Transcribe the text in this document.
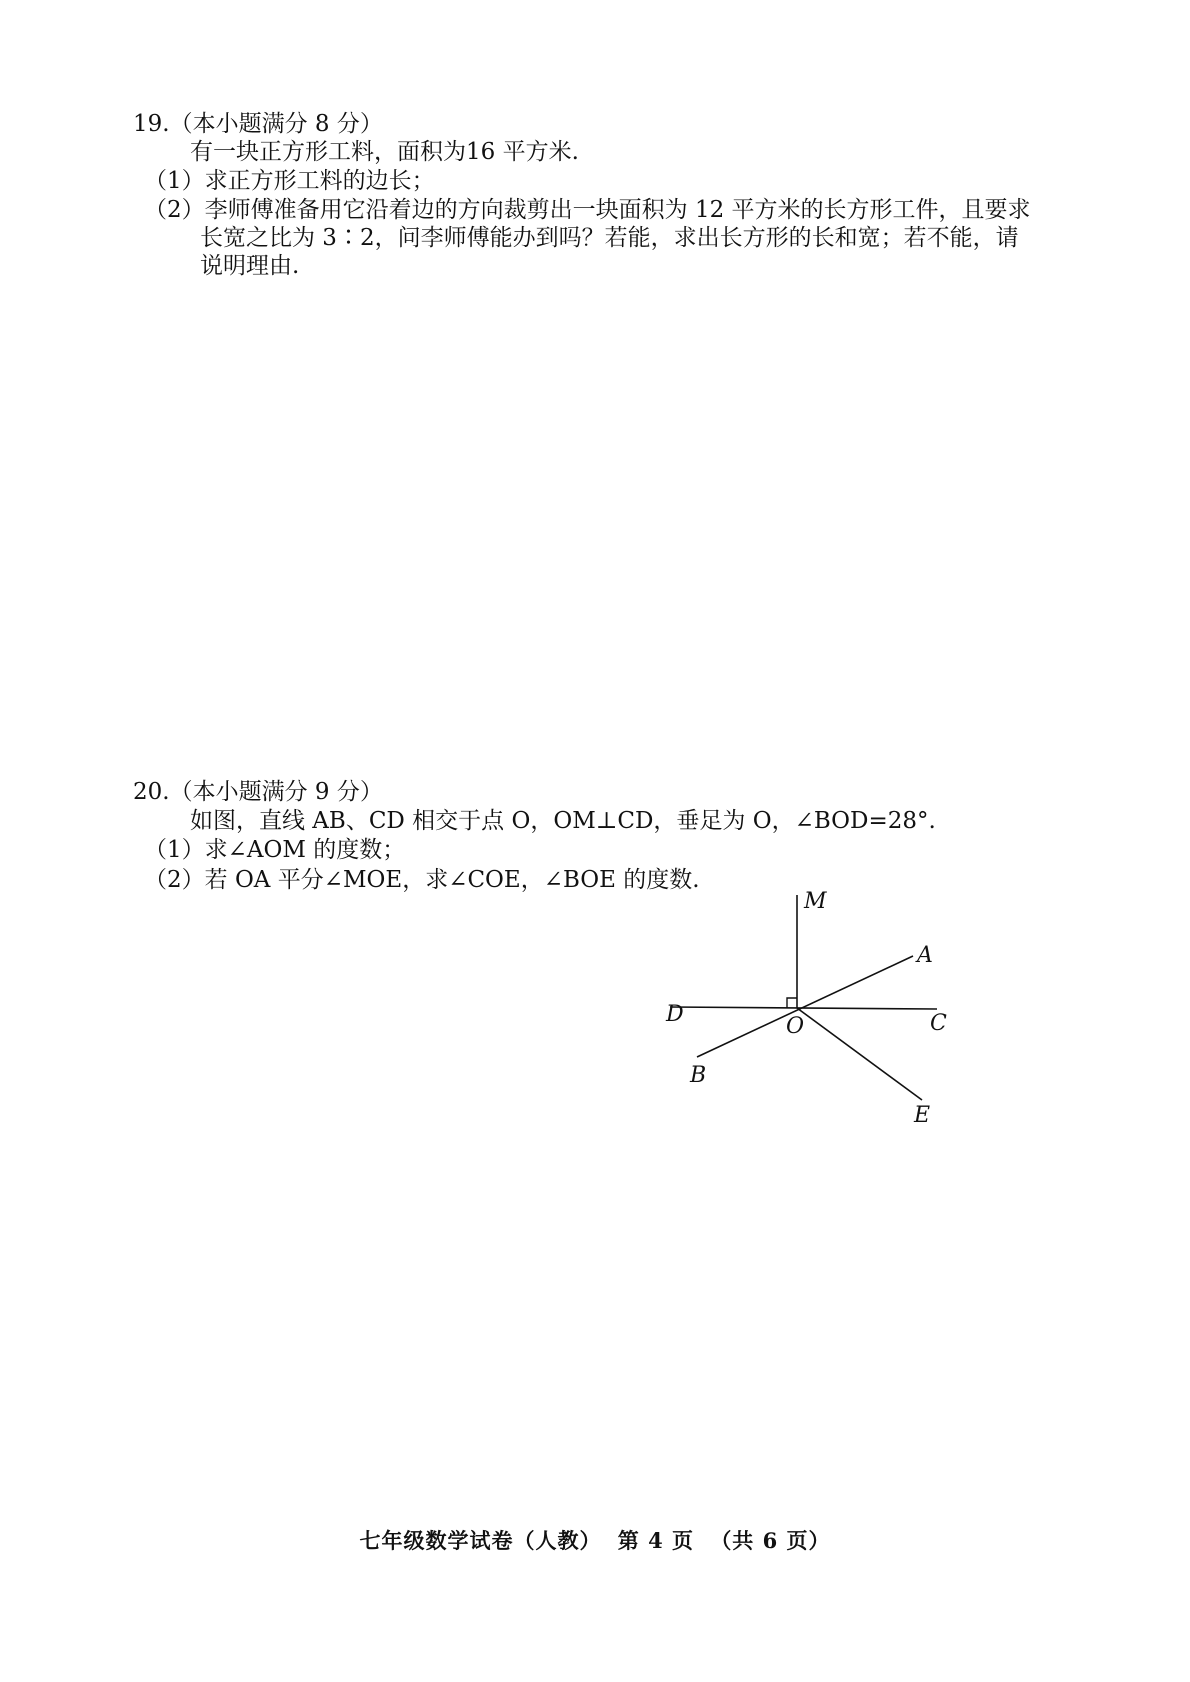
19.（本小题满分 8 分）
有一块正方形工料，面积为16 平方米.
（1）求正方形工料的边长；
（2）李师傅准备用它沿着边的方向裁剪出一块面积为 12 平方米的长方形工件，且要求
长宽之比为 3∶2，问李师傅能办到吗？若能，求出长方形的长和宽；若不能，请
说明理由.
20.（本小题满分 9 分）
如图，直线 AB、CD 相交于点 O，OM⊥CD，垂足为 O，∠BOD=28°.
（1）求∠AOM 的度数；
（2）若 OA 平分∠MOE，求∠COE，∠BOE 的度数.
M
A
D	O	C
B
E
七年级数学试卷（人教） 第 4 页 （共 6 页）
